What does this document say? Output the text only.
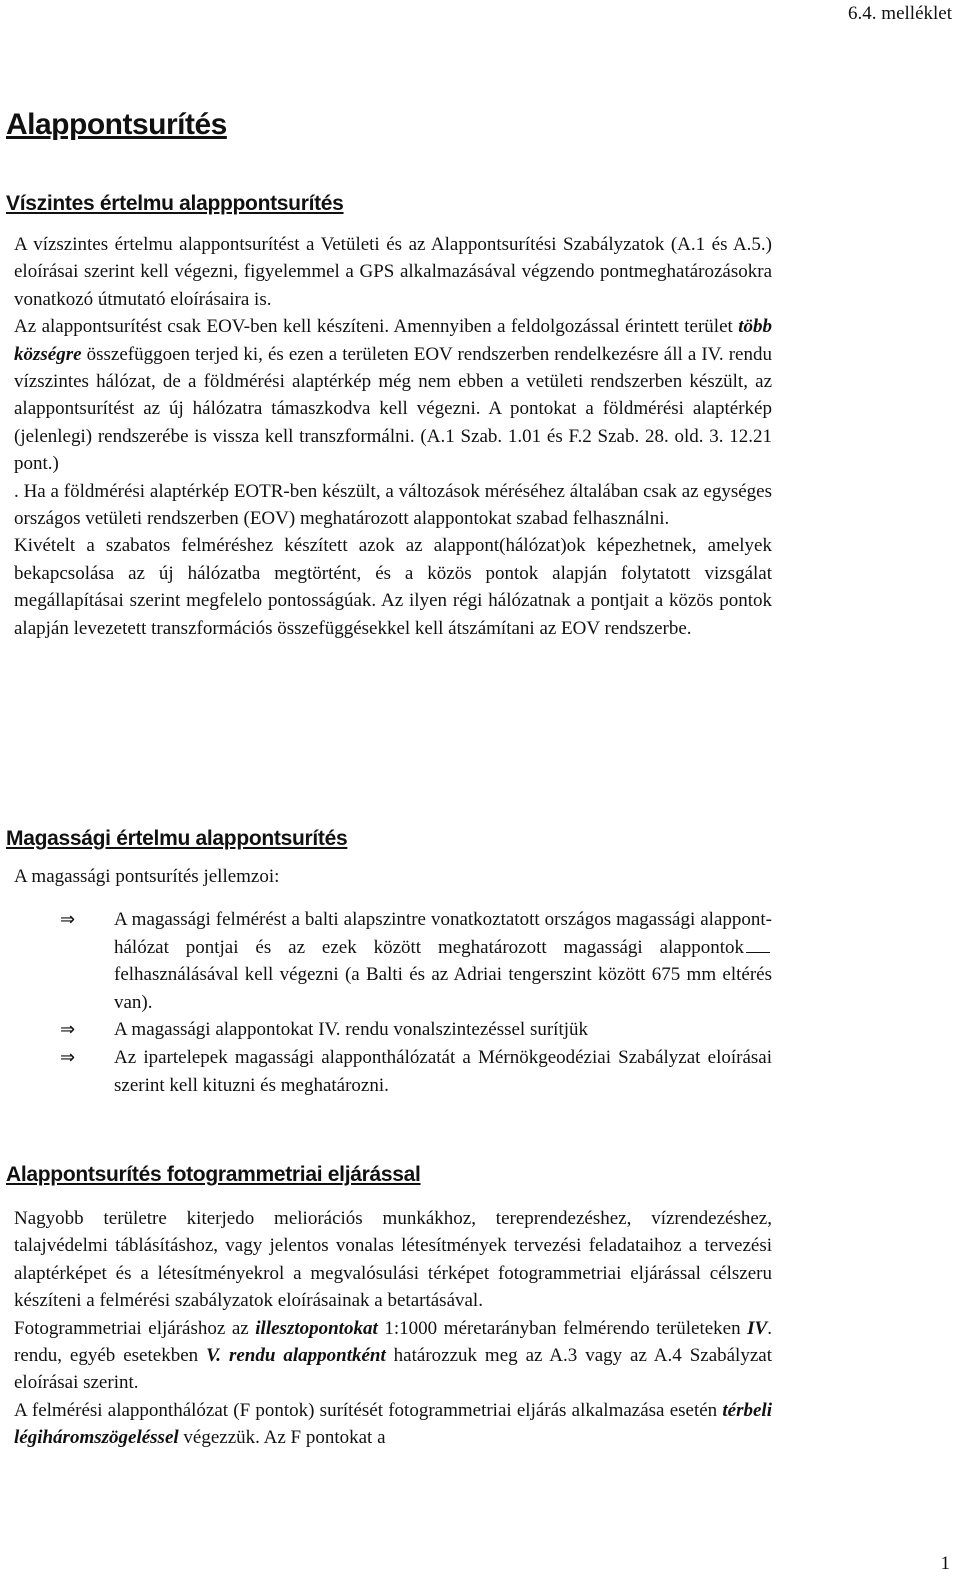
6.4. melléklet
Alappontsurítés
Víszintes értelmu alapppontsurítés

A vízszintes értelmu alappontsurítést a Vetületi és az Alappontsurítési Szabályzatok (A.1 és A.5.) eloírásai szerint kell végezni, figyelemmel a GPS alkalmazásával végzendo pontmeghatározásokra vonatkozó útmutató eloírásaira is.

Az alappontsurítést csak EOV-ben kell készíteni. Amennyiben a feldolgozással érintett terület több községre összefüggoen terjed ki, és ezen a területen EOV rendszerben rendelkezésre áll a IV. rendu vízszintes hálózat, de a földmérési alaptérkép még nem ebben a vetületi rendszerben készült, az alappontsurítést az új hálózatra támaszkodva kell végezni. A pontokat a földmérési alaptérkép (jelenlegi) rendszerébe is vissza kell transzformálni. (A.1 Szab. 1.01 és F.2 Szab. 28. old. 3. 12.21 pont.)

. Ha a földmérési alaptérkép EOTR-ben készült, a változások méréséhez általában csak az egységes országos vetületi rendszerben (EOV) meghatározott alappontokat szabad felhasználni.

Kivételt a szabatos felméréshez készített azok az alappont(hálózat)ok képezhetnek, amelyek bekapcsolása az új hálózatba megtörtént, és a közös pontok alapján folytatott vizsgálat megállapításai szerint megfelelo pontosságúak. Az ilyen régi hálózatnak a pontjait a közös pontok alapján levezetett transzformációs összefüggésekkel kell átszámítani az EOV rendszerbe.

Magassági értelmu alappontsurítés
A magassági pontsurítés jellemzoi:
⇒ A magassági felmérést a balti alapszintre vonatkoztatott országos magassági alappont-hálózat pontjai és az ezek között meghatározott magassági alappontokfelhasználásával kell végezni (a Balti és az Adriai tengerszint között 675 mm eltérés van).
⇒ A magassági alappontokat IV. rendu vonalszintezéssel surítjük
⇒ Az ipartelepek magassági alapponthálózatát a Mérnökgeodéziai Szabályzat eloírásai szerint kell kituzni és meghatározni.
Alappontsurítés fotogrammetriai eljárással

Nagyobb területre kiterjedo meliorációs munkákhoz, tereprendezéshez, vízrendezéshez, talajvédelmi táblásításhoz, vagy jelentos vonalas létesítmények tervezési feladataihoz a tervezési alaptérképet és a létesítményekrol a megvalósulási térképet fotogrammetriai eljárással célszeru készíteni a felmérési szabályzatok eloírásainak a betartásával.

Fotogrammetriai eljáráshoz az illesztopontokat 1:1000 méretarányban felmérendo területeken IV. rendu, egyéb esetekben V. rendu alappontként határozzuk meg az A.3 vagy az A.4 Szabályzat eloírásai szerint.

A felmérési alapponthálózat (F pontok) surítését fotogrammetriai eljárás alkalmazása esetén térbeli légiháromszögeléssel végezzük. Az F pontokat a

1
